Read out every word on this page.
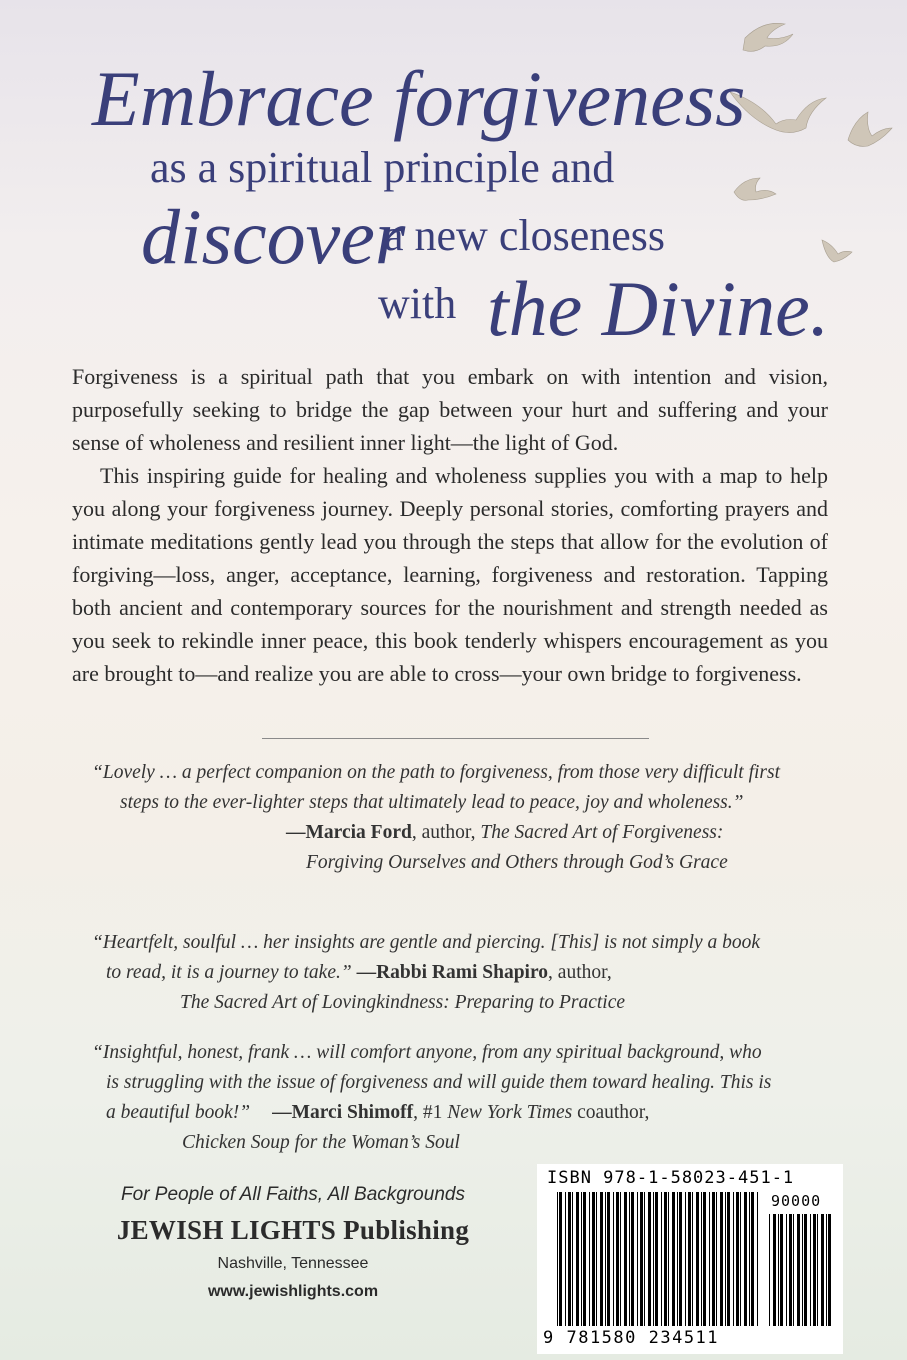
Embrace forgiveness
as a spiritual principle and
discover
a new closeness
with the Divine.

Forgiveness is a spiritual path that you embark on with intention and vision, purposefully seeking to bridge the gap between your hurt and suffering and your sense of wholeness and resilient inner light—the light of God.

This inspiring guide for healing and wholeness supplies you with a map to help you along your forgiveness journey. Deeply personal stories, comforting prayers and intimate meditations gently lead you through the steps that allow for the evolution of forgiving—loss, anger, acceptance, learning, forgiveness and restoration. Tapping both ancient and contemporary sources for the nourishment and strength needed as you seek to rekindle inner peace, this book tenderly whispers encouragement as you are brought to—and realize you are able to cross—your own bridge to forgiveness.

“Lovely … a perfect companion on the path to forgiveness, from those very difficult first
steps to the ever-lighter steps that ultimately lead to peace, joy and wholeness.”
—Marcia Ford, author, The Sacred Art of Forgiveness:
Forgiving Ourselves and Others through God’s Grace
“Heartfelt, soulful … her insights are gentle and piercing. [This] is not simply a book
to read, it is a journey to take.” —Rabbi Rami Shapiro, author,
The Sacred Art of Lovingkindness: Preparing to Practice
“Insightful, honest, frank … will comfort anyone, from any spiritual background, who
is struggling with the issue of forgiveness and will guide them toward healing. This is
a beautiful book!” —Marci Shimoff, #1 New York Times coauthor,
Chicken Soup for the Woman’s Soul
For People of All Faiths, All Backgrounds
JEWISH LIGHTS Publishing
Nashville, Tennessee
www.jewishlights.com
ISBN 978-1-58023-451-1
90000
9 781580 234511
